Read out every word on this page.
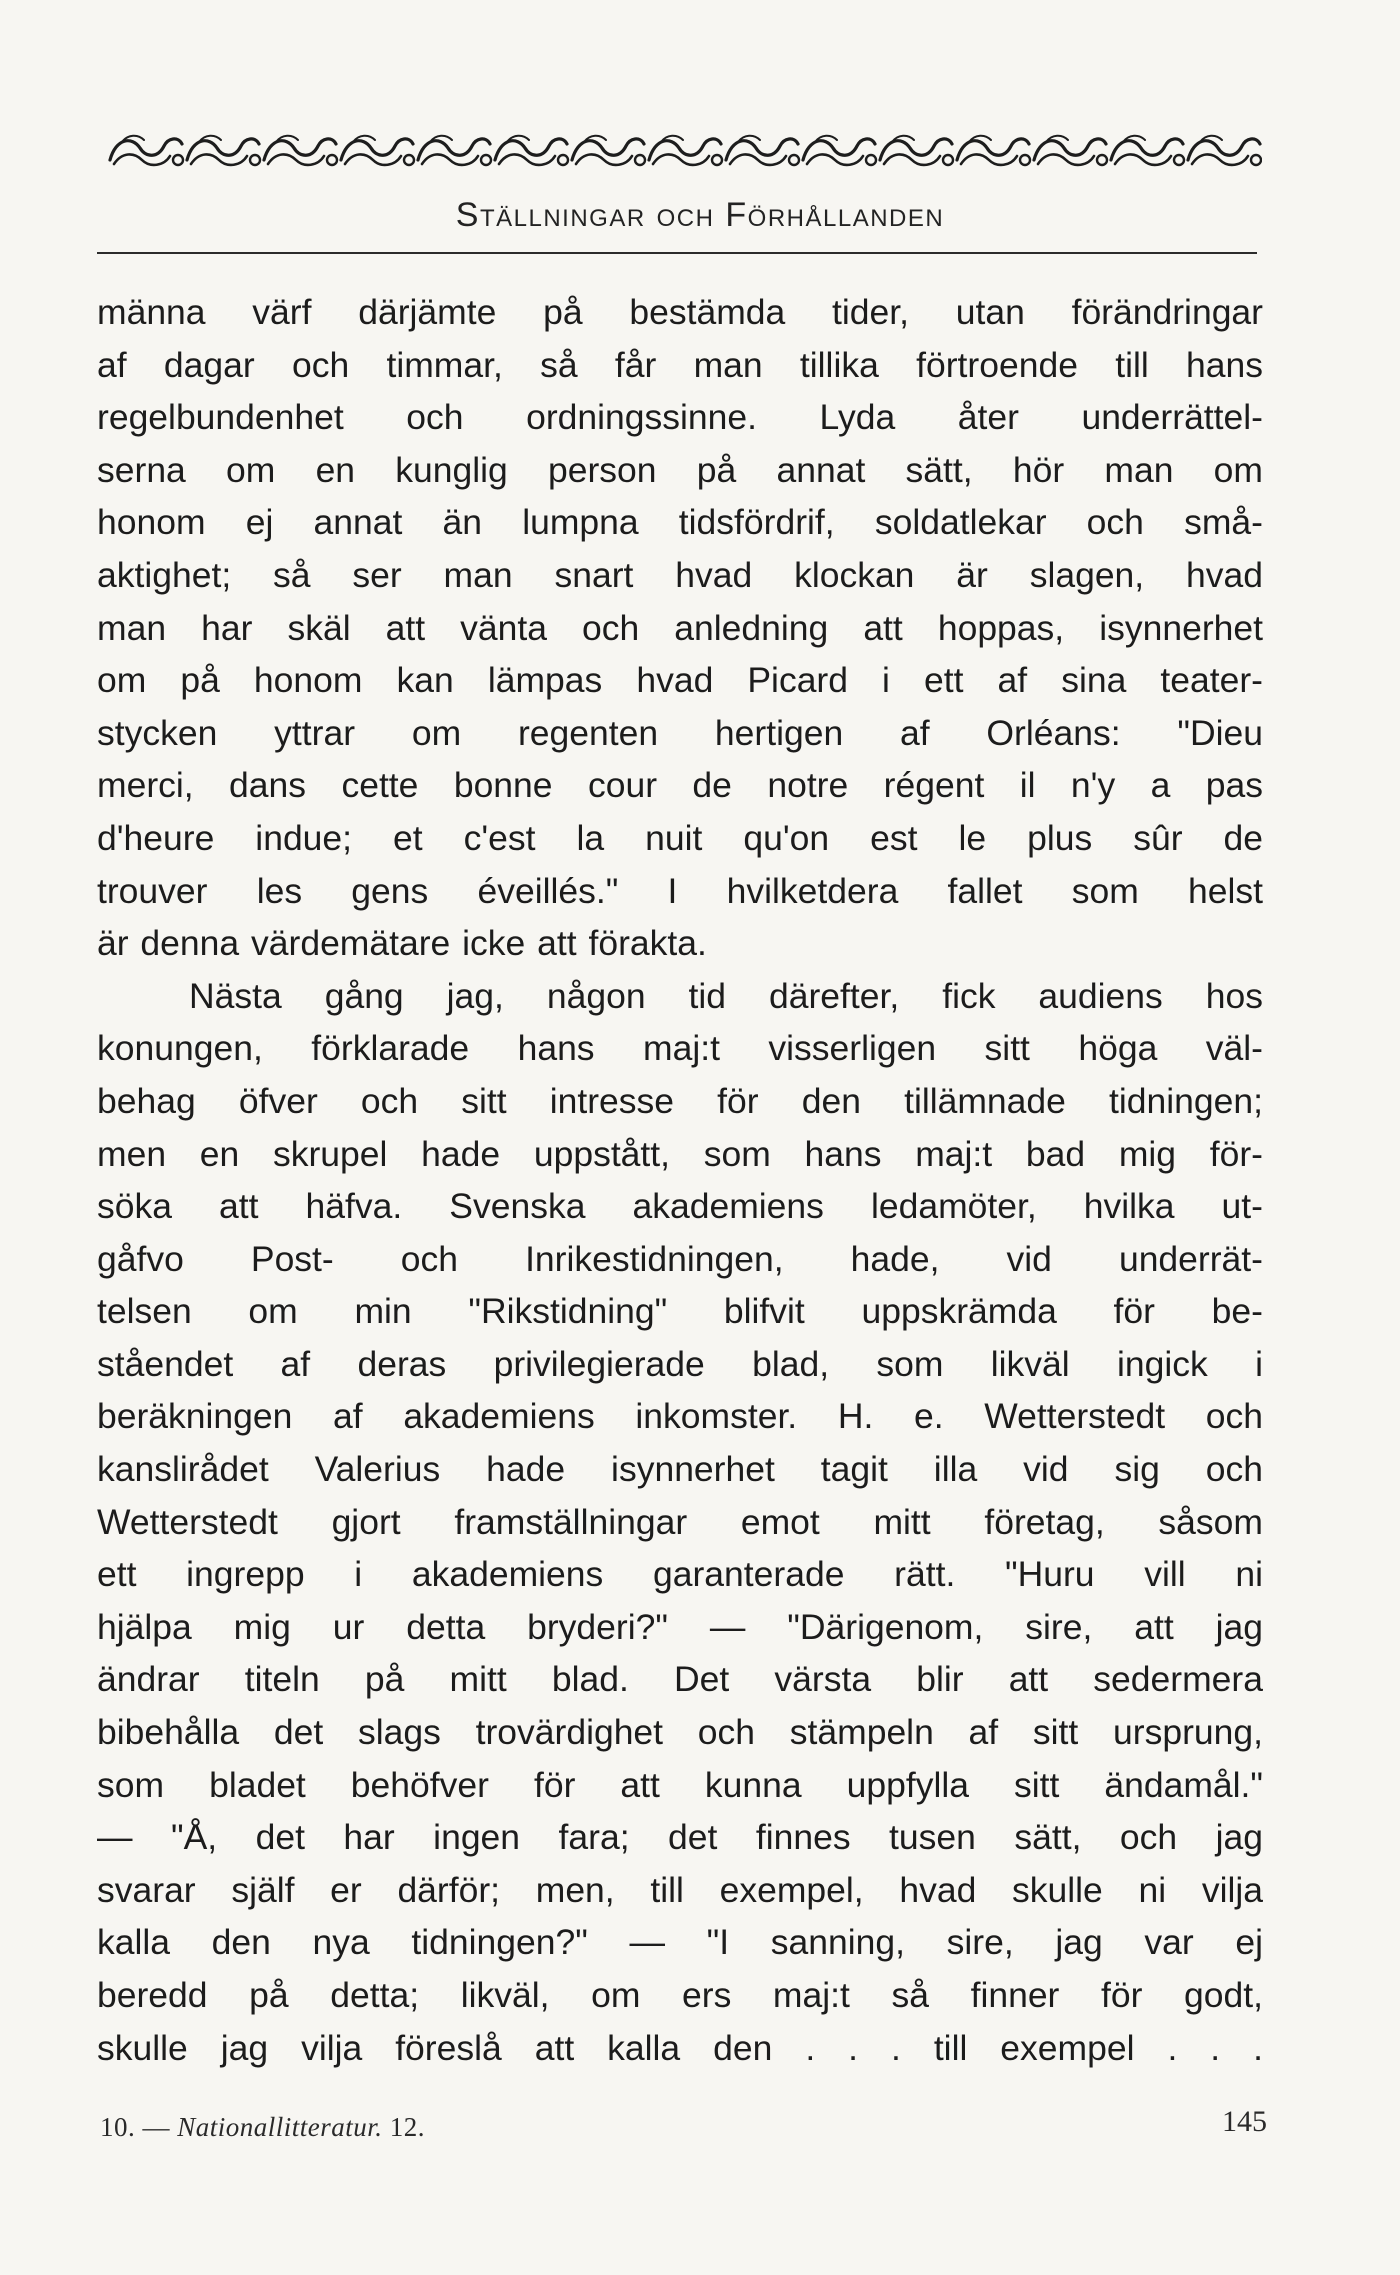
Ställningar och Förhållanden
männa värf därjämte på bestämda tider, utan förändringar
af dagar och timmar, så får man tillika förtroende till hans
regelbundenhet och ordningssinne. Lyda åter underrättel-
serna om en kunglig person på annat sätt, hör man om
honom ej annat än lumpna tidsfördrif, soldatlekar och små-
aktighet; så ser man snart hvad klockan är slagen, hvad
man har skäl att vänta och anledning att hoppas, isynnerhet
om på honom kan lämpas hvad Picard i ett af sina teater-
stycken yttrar om regenten hertigen af Orléans: "Dieu
merci, dans cette bonne cour de notre régent il n'y a pas
d'heure indue; et c'est la nuit qu'on est le plus sûr de
trouver les gens éveillés." I hvilketdera fallet som helst
är denna värdemätare icke att förakta.
Nästa gång jag, någon tid därefter, fick audiens hos
konungen, förklarade hans maj:t visserligen sitt höga väl-
behag öfver och sitt intresse för den tillämnade tidningen;
men en skrupel hade uppstått, som hans maj:t bad mig för-
söka att häfva. Svenska akademiens ledamöter, hvilka ut-
gåfvo Post- och Inrikestidningen, hade, vid underrät-
telsen om min "Rikstidning" blifvit uppskrämda för be-
ståendet af deras privilegierade blad, som likväl ingick i
beräkningen af akademiens inkomster. H. e. Wetterstedt och
kanslirådet Valerius hade isynnerhet tagit illa vid sig och
Wetterstedt gjort framställningar emot mitt företag, såsom
ett ingrepp i akademiens garanterade rätt. "Huru vill ni
hjälpa mig ur detta bryderi?" — "Därigenom, sire, att jag
ändrar titeln på mitt blad. Det värsta blir att sedermera
bibehålla det slags trovärdighet och stämpeln af sitt ursprung,
som bladet behöfver för att kunna uppfylla sitt ändamål."
— "Å, det har ingen fara; det finnes tusen sätt, och jag
svarar själf er därför; men, till exempel, hvad skulle ni vilja
kalla den nya tidningen?" — "I sanning, sire, jag var ej
beredd på detta; likväl, om ers maj:t så finner för godt,
skulle jag vilja föreslå att kalla den . . . till exempel . . .
10. — Nationallitteratur. 12.	145
